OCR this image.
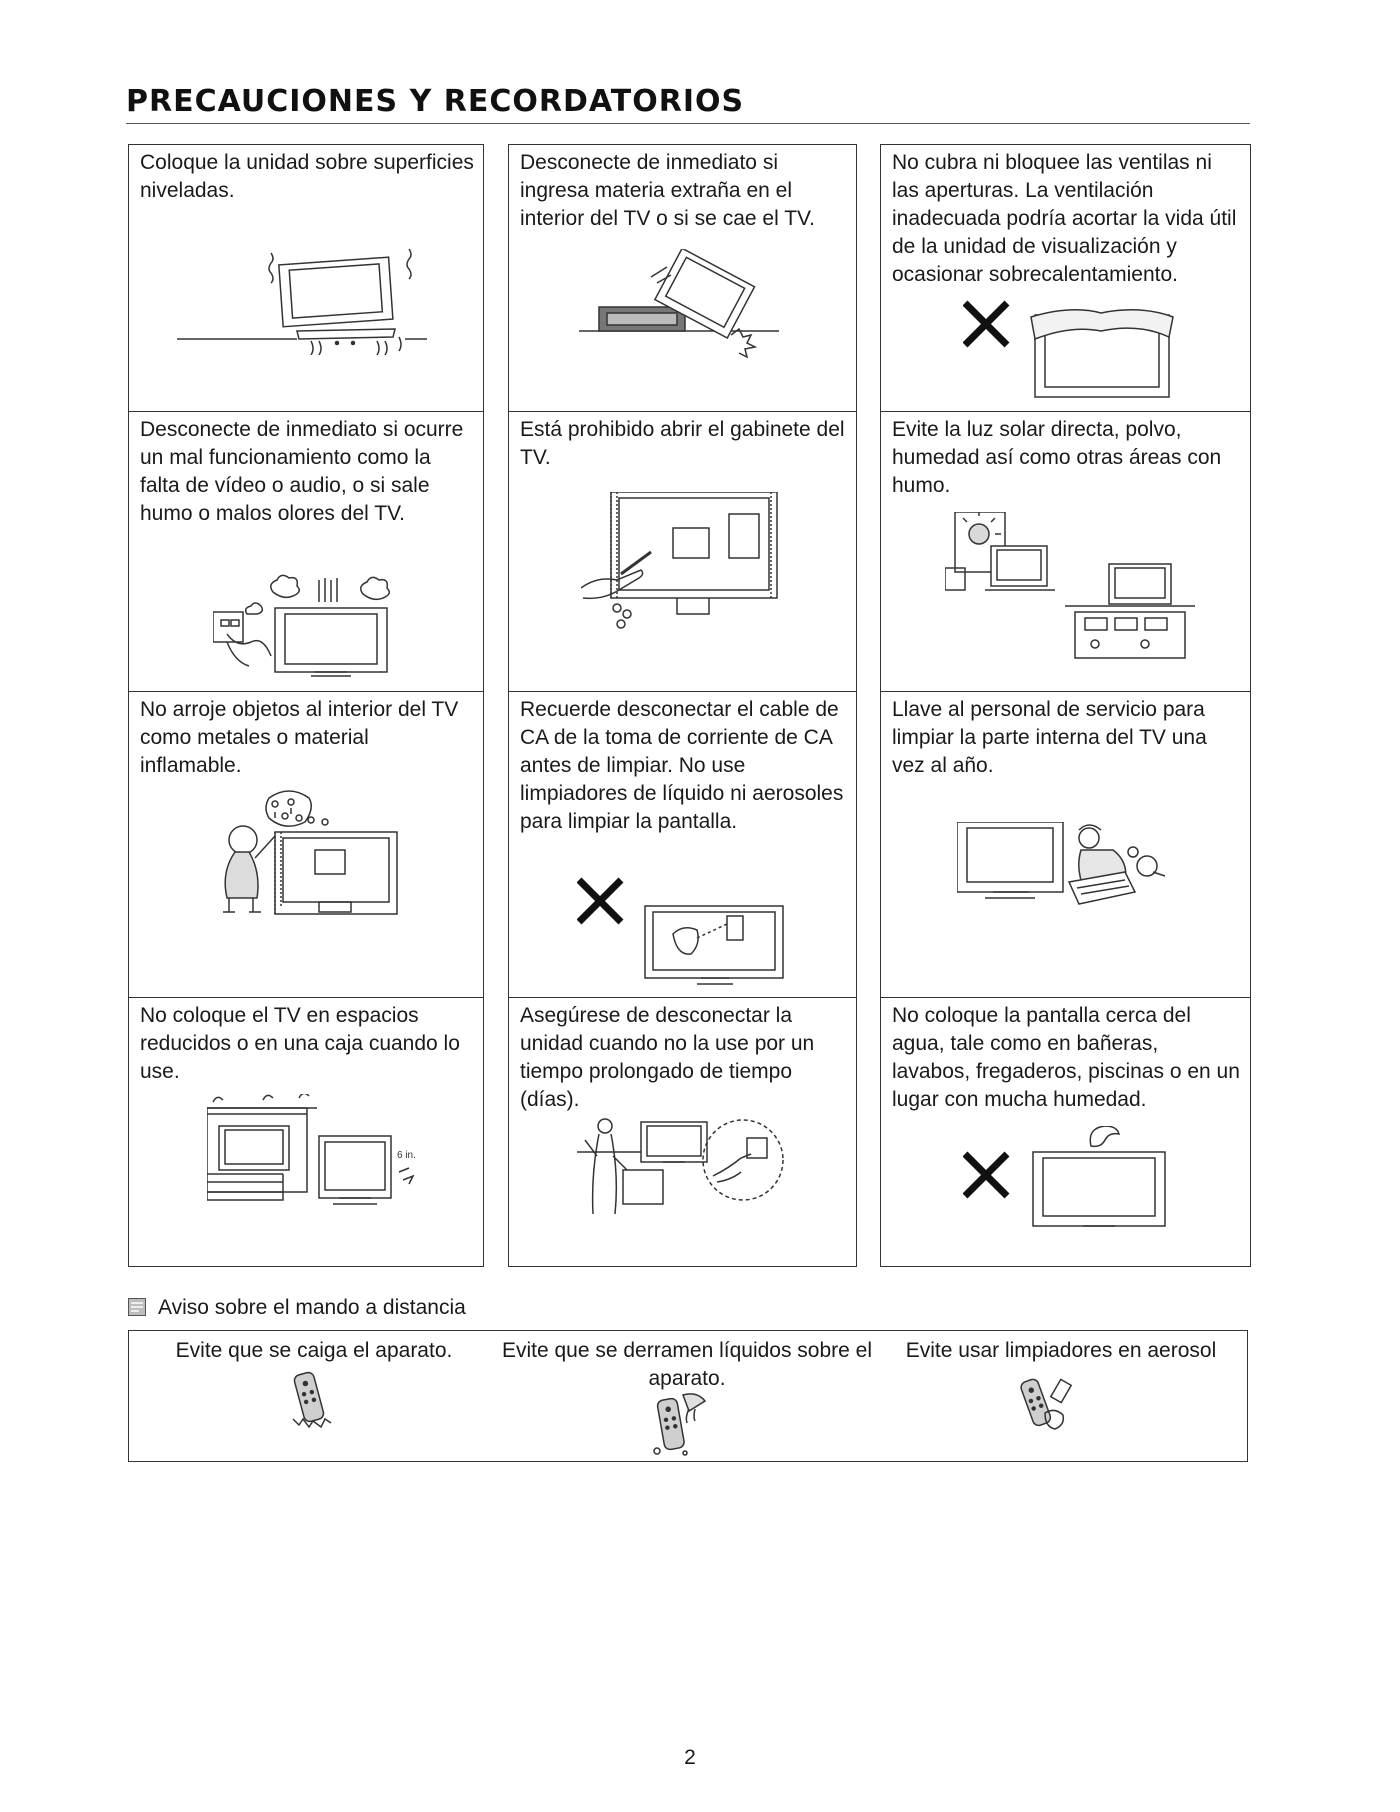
PRECAUCIONES Y RECORDATORIOS

Coloque la unidad sobre superficies niveladas.

Desconecte de inmediato si ocurre un mal funcionamiento como la falta de vídeo o audio, o si sale humo o malos olores del TV.

No arroje objetos al interior del TV como metales o material inflamable.

No coloque el TV en espacios reducidos o en una caja cuando lo use.

6 in.

Desconecte de inmediato si ingresa materia extraña en el interior del TV o si se cae el TV.

Está prohibido abrir el gabinete del TV.

Recuerde desconectar el cable de CA de la toma de corriente de CA antes de limpiar. No use limpiadores de líquido ni aerosoles para limpiar la pantalla.

Asegúrese de desconectar la unidad cuando no la use por un tiempo prolongado de tiempo (días).

No cubra ni bloquee las ventilas ni las aperturas. La ventilación inadecuada podría acortar la vida útil de la unidad de visualización y ocasionar sobrecalentamiento.

Evite la luz solar directa, polvo, humedad así como otras áreas con humo.

Llave al personal de servicio para limpiar la parte interna del TV una vez al año.

No coloque la pantalla cerca del agua, tale como en bañeras, lavabos, fregaderos, piscinas o en un lugar con mucha humedad.

Aviso sobre el mando a distancia

Evite que se caiga el aparato.	Evite que se derramen líquidos sobre el aparato.

Evite usar limpiadores en aerosol

2
